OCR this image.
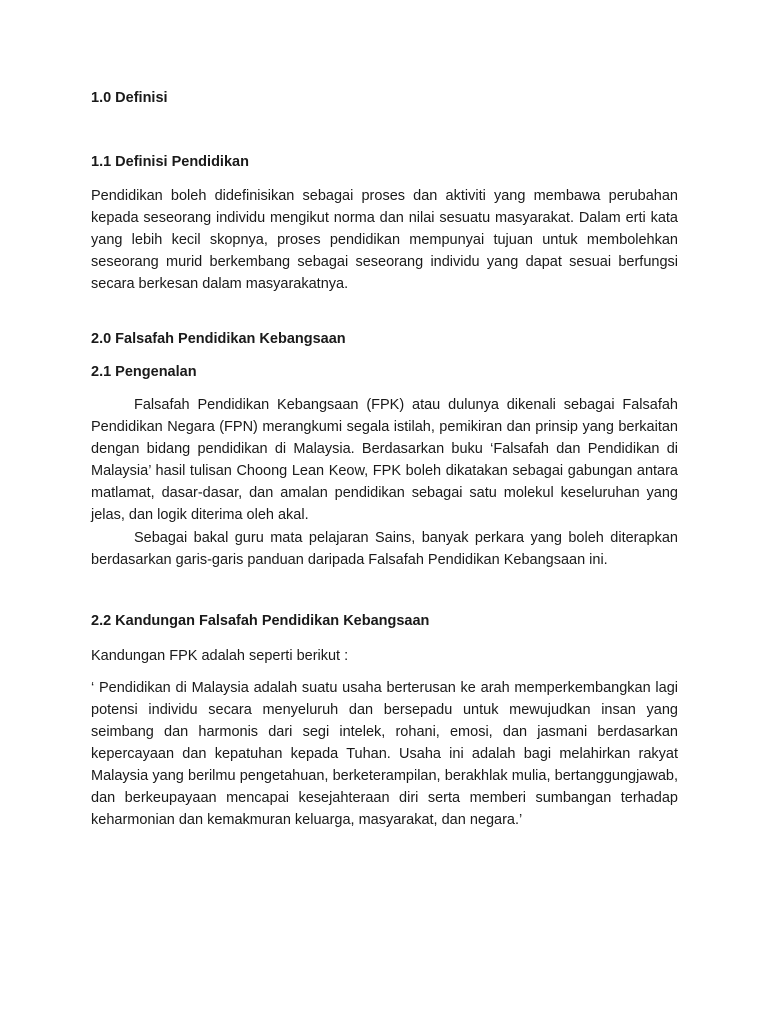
1.0 Definisi
1.1 Definisi Pendidikan

Pendidikan boleh didefinisikan sebagai proses dan aktiviti yang membawa perubahan kepada seseorang individu mengikut norma dan nilai sesuatu masyarakat. Dalam erti kata yang lebih kecil skopnya, proses pendidikan mempunyai tujuan untuk membolehkan seseorang murid berkembang sebagai seseorang individu yang dapat sesuai berfungsi secara berkesan dalam masyarakatnya.

2.0 Falsafah Pendidikan Kebangsaan
2.1 Pengenalan

Falsafah Pendidikan Kebangsaan (FPK) atau dulunya dikenali sebagai Falsafah Pendidikan Negara (FPN) merangkumi segala istilah, pemikiran dan prinsip yang berkaitan dengan bidang pendidikan di Malaysia. Berdasarkan buku ‘Falsafah dan Pendidikan di Malaysia’ hasil tulisan Choong Lean Keow, FPK boleh dikatakan sebagai gabungan antara matlamat, dasar-dasar, dan amalan pendidikan sebagai satu molekul keseluruhan yang jelas, dan logik diterima oleh akal.

Sebagai bakal guru mata pelajaran Sains, banyak perkara yang boleh diterapkan berdasarkan garis-garis panduan daripada Falsafah Pendidikan Kebangsaan ini.

2.2 Kandungan Falsafah Pendidikan Kebangsaan

Kandungan FPK adalah seperti berikut :

‘ Pendidikan di Malaysia adalah suatu usaha berterusan ke arah memperkembangkan lagi potensi individu secara menyeluruh dan bersepadu untuk mewujudkan insan yang seimbang dan harmonis dari segi intelek, rohani, emosi, dan jasmani berdasarkan kepercayaan dan kepatuhan kepada Tuhan. Usaha ini adalah bagi melahirkan rakyat Malaysia yang berilmu pengetahuan, berketerampilan, berakhlak mulia, bertanggungjawab, dan berkeupayaan mencapai kesejahteraan diri serta memberi sumbangan terhadap keharmonian dan kemakmuran keluarga, masyarakat, dan negara.’
